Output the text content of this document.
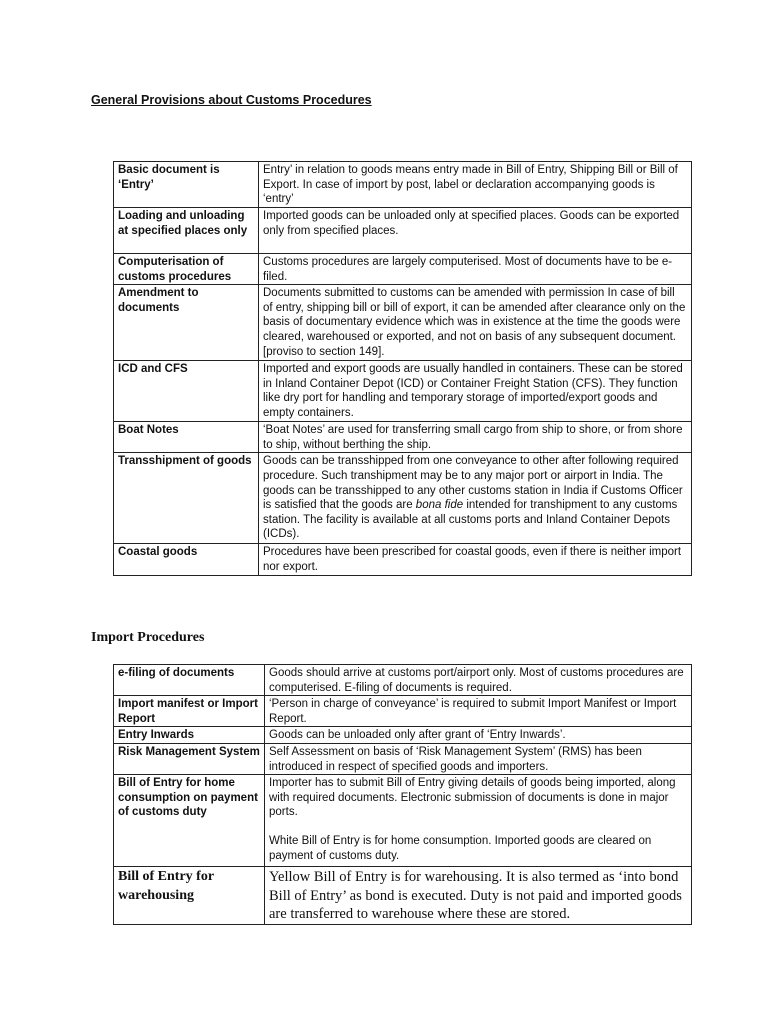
General Provisions about Customs Procedures
Basic document is ‘Entry’	Entry’ in relation to goods means entry made in Bill of Entry, Shipping Bill or Bill of Export. In case of import by post, label or declaration accompanying goods is ‘entry’
Loading and unloading at specified places only	Imported goods can be unloaded only at specified places. Goods can be exported only from specified places.
Computerisation of customs procedures	Customs procedures are largely computerised. Most of documents have to be e-filed.
Amendment to documents	Documents submitted to customs can be amended with permission In case of bill of entry, shipping bill or bill of export, it can be amended after clearance only on the basis of documentary evidence which was in existence at the time the goods were cleared, warehoused or exported, and not on basis of any subsequent document. [proviso to section 149].
ICD and CFS	Imported and export goods are usually handled in containers. These can be stored in Inland Container Depot (ICD) or Container Freight Station (CFS). They function like dry port for handling and temporary storage of imported/export goods and empty containers.
Boat Notes	‘Boat Notes’ are used for transferring small cargo from ship to shore, or from shore to ship, without berthing the ship.
Transshipment of goods	Goods can be transshipped from one conveyance to other after following required procedure. Such transhipment may be to any major port or airport in India. The goods can be transshipped to any other customs station in India if Customs Officer is satisfied that the goods are bona fide intended for transhipment to any customs station. The facility is available at all customs ports and Inland Container Depots (ICDs).
Coastal goods	Procedures have been prescribed for coastal goods, even if there is neither import nor export.
Import Procedures
e-filing of documents	Goods should arrive at customs port/airport only. Most of customs procedures are computerised. E-filing of documents is required.
Import manifest or Import Report	‘Person in charge of conveyance’ is required to submit Import Manifest or Import Report.
Entry Inwards	Goods can be unloaded only after grant of ‘Entry Inwards’.
Risk Management System	Self Assessment on basis of ‘Risk Management System’ (RMS) has been introduced in respect of specified goods and importers.
Bill of Entry for home consumption on payment of customs duty	Importer has to submit Bill of Entry giving details of goods being imported, along with required documents. Electronic submission of documents is done in major ports.
White Bill of Entry is for home consumption. Imported goods are cleared on payment of customs duty.
Bill of Entry for warehousing	Yellow Bill of Entry is for warehousing. It is also termed as ‘into bond Bill of Entry’ as bond is executed. Duty is not paid and imported goods are transferred to warehouse where these are stored.
